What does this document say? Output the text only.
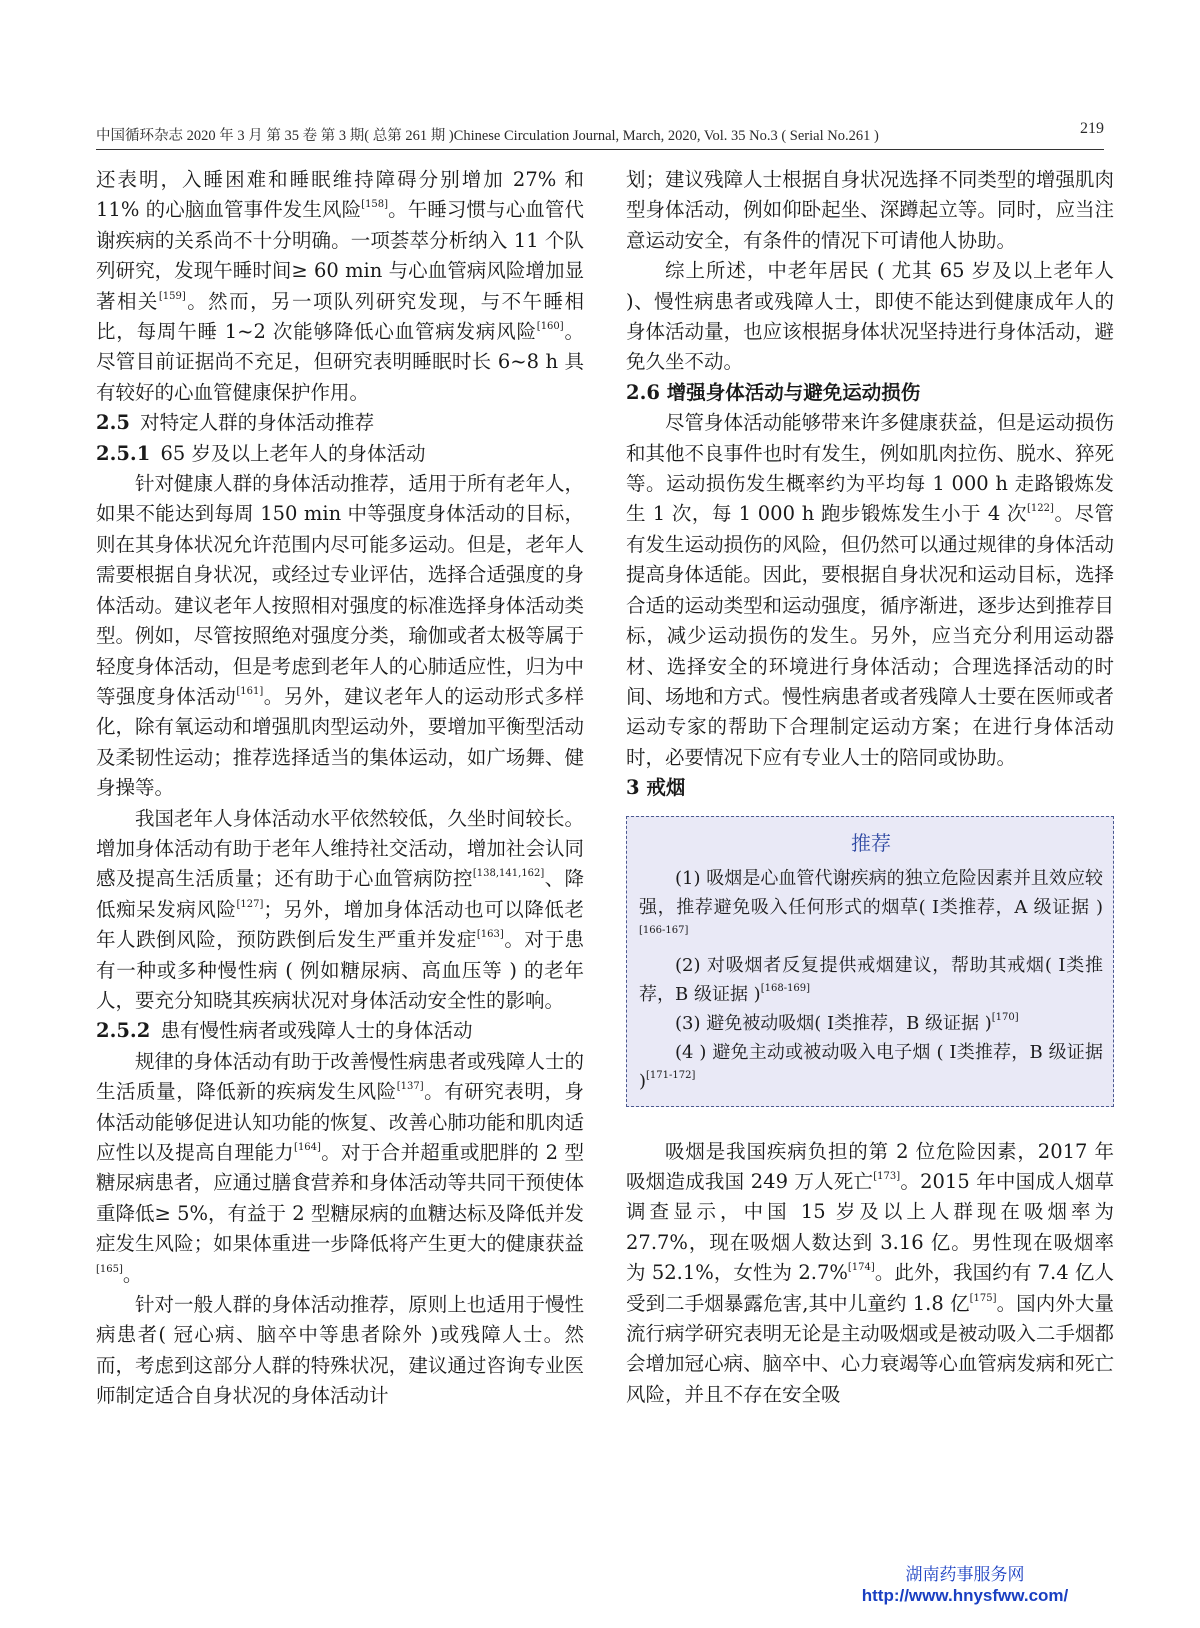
中国循环杂志 2020 年 3 月 第 35 卷 第 3 期( 总第 261 期 )Chinese Circulation Journal, March, 2020, Vol. 35 No.3 ( Serial No.261 )	219

还表明，入睡困难和睡眠维持障碍分别增加 27% 和 11% 的心脑血管事件发生风险[158]。午睡习惯与心血管代谢疾病的关系尚不十分明确。一项荟萃分析纳入 11 个队列研究，发现午睡时间≥ 60 min 与心血管病风险增加显著相关[159]。然而，另一项队列研究发现，与不午睡相比，每周午睡 1~2 次能够降低心血管病发病风险[160]。尽管目前证据尚不充足，但研究表明睡眠时长 6~8 h 具有较好的心血管健康保护作用。

2.5 对特定人群的身体活动推荐
2.5.1 65 岁及以上老年人的身体活动

针对健康人群的身体活动推荐，适用于所有老年人，如果不能达到每周 150 min 中等强度身体活动的目标，则在其身体状况允许范围内尽可能多运动。但是，老年人需要根据自身状况，或经过专业评估，选择合适强度的身体活动。建议老年人按照相对强度的标准选择身体活动类型。例如，尽管按照绝对强度分类，瑜伽或者太极等属于轻度身体活动，但是考虑到老年人的心肺适应性，归为中等强度身体活动[161]。另外，建议老年人的运动形式多样化，除有氧运动和增强肌肉型运动外，要增加平衡型活动及柔韧性运动；推荐选择适当的集体运动，如广场舞、健身操等。

我国老年人身体活动水平依然较低，久坐时间较长。增加身体活动有助于老年人维持社交活动，增加社会认同感及提高生活质量；还有助于心血管病防控[138,141,162]、降低痴呆发病风险[127]；另外，增加身体活动也可以降低老年人跌倒风险，预防跌倒后发生严重并发症[163]。对于患有一种或多种慢性病 ( 例如糖尿病、高血压等 ) 的老年人，要充分知晓其疾病状况对身体活动安全性的影响。

2.5.2 患有慢性病者或残障人士的身体活动

规律的身体活动有助于改善慢性病患者或残障人士的生活质量，降低新的疾病发生风险[137]。有研究表明，身体活动能够促进认知功能的恢复、改善心肺功能和肌肉适应性以及提高自理能力[164]。对于合并超重或肥胖的 2 型糖尿病患者，应通过膳食营养和身体活动等共同干预使体重降低≥ 5%，有益于 2 型糖尿病的血糖达标及降低并发症发生风险；如果体重进一步降低将产生更大的健康获益[165]。

针对一般人群的身体活动推荐，原则上也适用于慢性病患者( 冠心病、脑卒中等患者除外 )或残障人士。然而，考虑到这部分人群的特殊状况，建议通过咨询专业医师制定适合自身状况的身体活动计

划；建议残障人士根据自身状况选择不同类型的增强肌肉型身体活动，例如仰卧起坐、深蹲起立等。同时，应当注意运动安全，有条件的情况下可请他人协助。

综上所述，中老年居民 ( 尤其 65 岁及以上老年人 )、慢性病患者或残障人士，即使不能达到健康成年人的身体活动量，也应该根据身体状况坚持进行身体活动，避免久坐不动。

2.6 增强身体活动与避免运动损伤

尽管身体活动能够带来许多健康获益，但是运动损伤和其他不良事件也时有发生，例如肌肉拉伤、脱水、猝死等。运动损伤发生概率约为平均每 1 000 h 走路锻炼发生 1 次，每 1 000 h 跑步锻炼发生小于 4 次[122]。尽管有发生运动损伤的风险，但仍然可以通过规律的身体活动提高身体适能。因此，要根据自身状况和运动目标，选择合适的运动类型和运动强度，循序渐进，逐步达到推荐目标，减少运动损伤的发生。另外，应当充分利用运动器材、选择安全的环境进行身体活动；合理选择活动的时间、场地和方式。慢性病患者或者残障人士要在医师或者运动专家的帮助下合理制定运动方案；在进行身体活动时，必要情况下应有专业人士的陪同或协助。

3 戒烟
推荐

(1) 吸烟是心血管代谢疾病的独立危险因素并且效应较强，推荐避免吸入任何形式的烟草( Ⅰ类推荐，A 级证据 )[166-167]

(2) 对吸烟者反复提供戒烟建议，帮助其戒烟( Ⅰ类推荐，B 级证据 )[168-169]

(3) 避免被动吸烟( Ⅰ类推荐，B 级证据 )[170]

(4 ) 避免主动或被动吸入电子烟 ( Ⅰ类推荐，B 级证据 )[171-172]

吸烟是我国疾病负担的第 2 位危险因素，2017 年吸烟造成我国 249 万人死亡[173]。2015 年中国成人烟草调查显示，中国 15 岁及以上人群现在吸烟率为 27.7%，现在吸烟人数达到 3.16 亿。男性现在吸烟率为 52.1%，女性为 2.7%[174]。此外，我国约有 7.4 亿人受到二手烟暴露危害,其中儿童约 1.8 亿[175]。国内外大量流行病学研究表明无论是主动吸烟或是被动吸入二手烟都会增加冠心病、脑卒中、心力衰竭等心血管病发病和死亡风险，并且不存在安全吸

湖南药事服务网
http://www.hnysfww.com/
